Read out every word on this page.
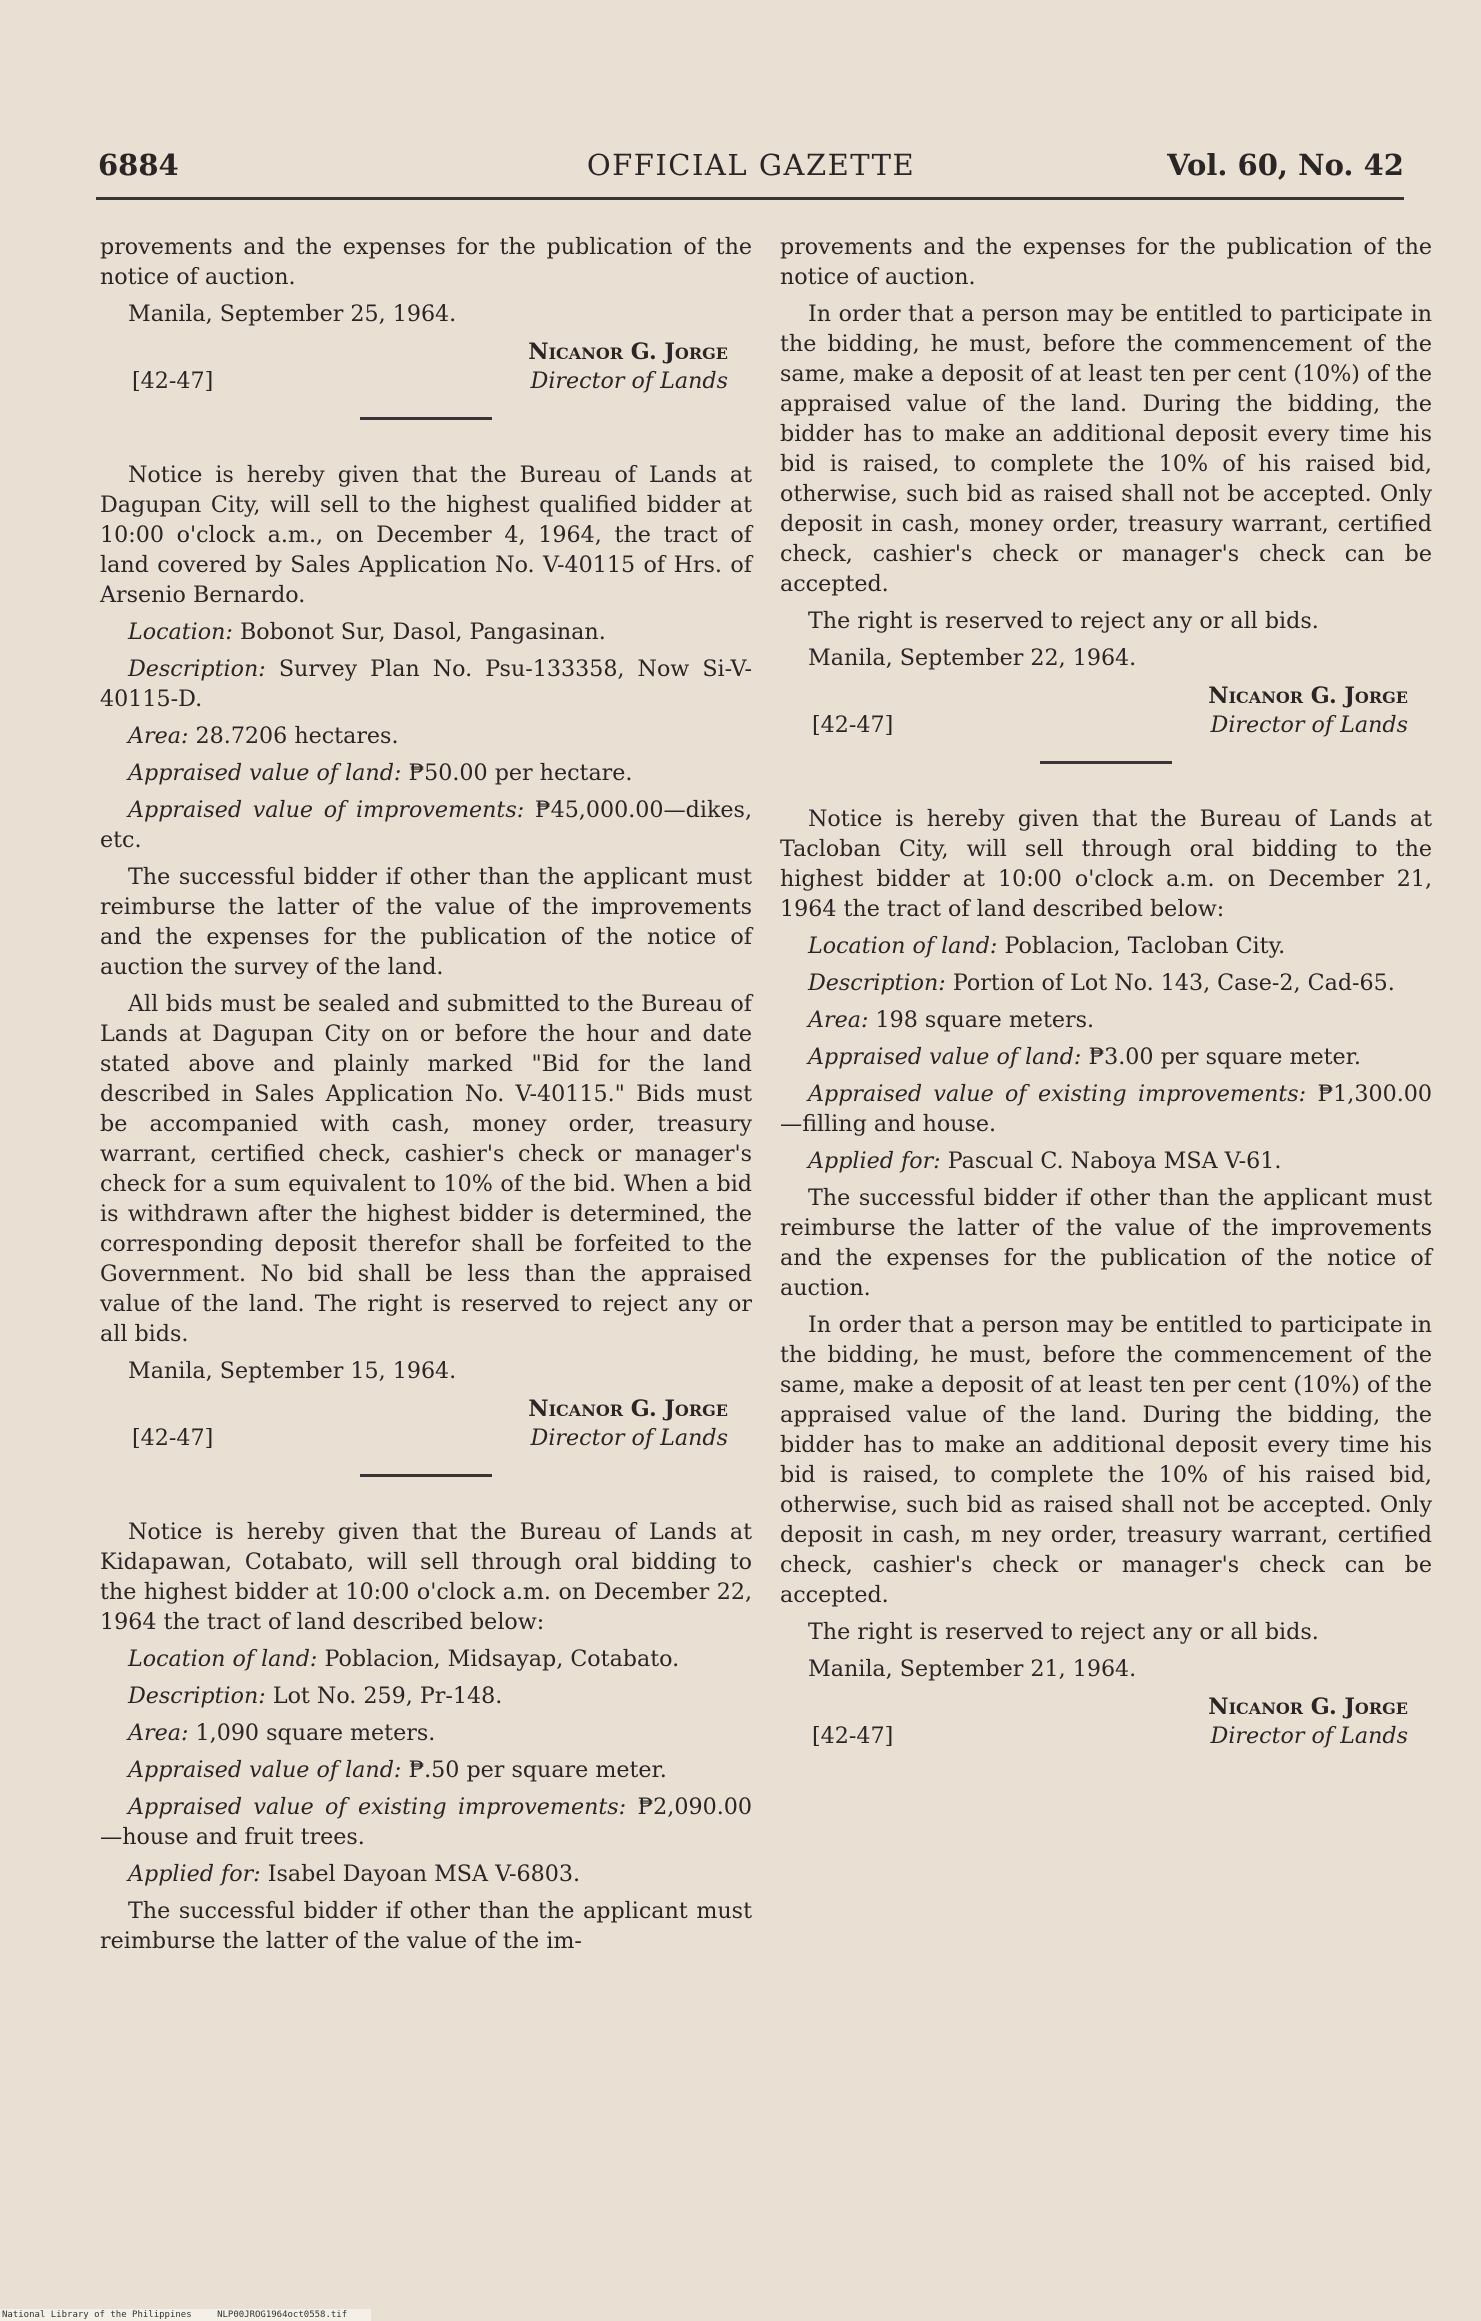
6884	OFFICIAL GAZETTE	Vol. 60, No. 42

provements and the expenses for the publication of the notice of auction.

Manila, September 25, 1964.

Nicanor G. Jorge
[42-47]	Director of Lands

Notice is hereby given that the Bureau of Lands at Dagupan City, will sell to the highest qualified bidder at 10:00 o'clock a.m., on December 4, 1964, the tract of land covered by Sales Application No. V-40115 of Hrs. of Arsenio Bernardo.

Location: Bobonot Sur, Dasol, Pangasinan.

Description: Survey Plan No. Psu-133358, Now Si-V-40115-D.

Area: 28.7206 hectares.

Appraised value of land: ₱50.00 per hectare.

Appraised value of improvements: ₱45,000.00—dikes, etc.

The successful bidder if other than the applicant must reimburse the latter of the value of the improvements and the expenses for the publication of the notice of auction the survey of the land.

All bids must be sealed and submitted to the Bureau of Lands at Dagupan City on or before the hour and date stated above and plainly marked "Bid for the land described in Sales Application No. V-40115." Bids must be accompanied with cash, money order, treasury warrant, certified check, cashier's check or manager's check for a sum equivalent to 10% of the bid. When a bid is withdrawn after the highest bidder is determined, the corresponding deposit therefor shall be forfeited to the Government. No bid shall be less than the appraised value of the land. The right is reserved to reject any or all bids.

Manila, September 15, 1964.

Nicanor G. Jorge
[42-47]	Director of Lands

Notice is hereby given that the Bureau of Lands at Kidapawan, Cotabato, will sell through oral bidding to the highest bidder at 10:00 o'clock a.m. on December 22, 1964 the tract of land described below:

Location of land: Poblacion, Midsayap, Cotabato.

Description: Lot No. 259, Pr-148.

Area: 1,090 square meters.

Appraised value of land: ₱.50 per square meter.

Appraised value of existing improvements: ₱2,090.00—house and fruit trees.

Applied for: Isabel Dayoan MSA V-6803.

The successful bidder if other than the applicant must reimburse the latter of the value of the im-

provements and the expenses for the publication of the notice of auction.

In order that a person may be entitled to participate in the bidding, he must, before the commencement of the same, make a deposit of at least ten per cent (10%) of the appraised value of the land. During the bidding, the bidder has to make an additional deposit every time his bid is raised, to complete the 10% of his raised bid, otherwise, such bid as raised shall not be accepted. Only deposit in cash, money order, treasury warrant, certified check, cashier's check or manager's check can be accepted.

The right is reserved to reject any or all bids.

Manila, September 22, 1964.

Nicanor G. Jorge
[42-47]	Director of Lands

Notice is hereby given that the Bureau of Lands at Tacloban City, will sell through oral bidding to the highest bidder at 10:00 o'clock a.m. on December 21, 1964 the tract of land described below:

Location of land: Poblacion, Tacloban City.

Description: Portion of Lot No. 143, Case-2, Cad-65.

Area: 198 square meters.

Appraised value of land: ₱3.00 per square meter.

Appraised value of existing improvements: ₱1,300.00—filling and house.

Applied for: Pascual C. Naboya MSA V-61.

The successful bidder if other than the applicant must reimburse the latter of the value of the improvements and the expenses for the publication of the notice of auction.

In order that a person may be entitled to participate in the bidding, he must, before the commencement of the same, make a deposit of at least ten per cent (10%) of the appraised value of the land. During the bidding, the bidder has to make an additional deposit every time his bid is raised, to complete the 10% of his raised bid, otherwise, such bid as raised shall not be accepted. Only deposit in cash, m ney order, treasury warrant, certified check, cashier's check or manager's check can be accepted.

The right is reserved to reject any or all bids.

Manila, September 21, 1964.

Nicanor G. Jorge
[42-47]	Director of Lands
National Library of the Philippines	NLP00JROG1964oct0558.tif
